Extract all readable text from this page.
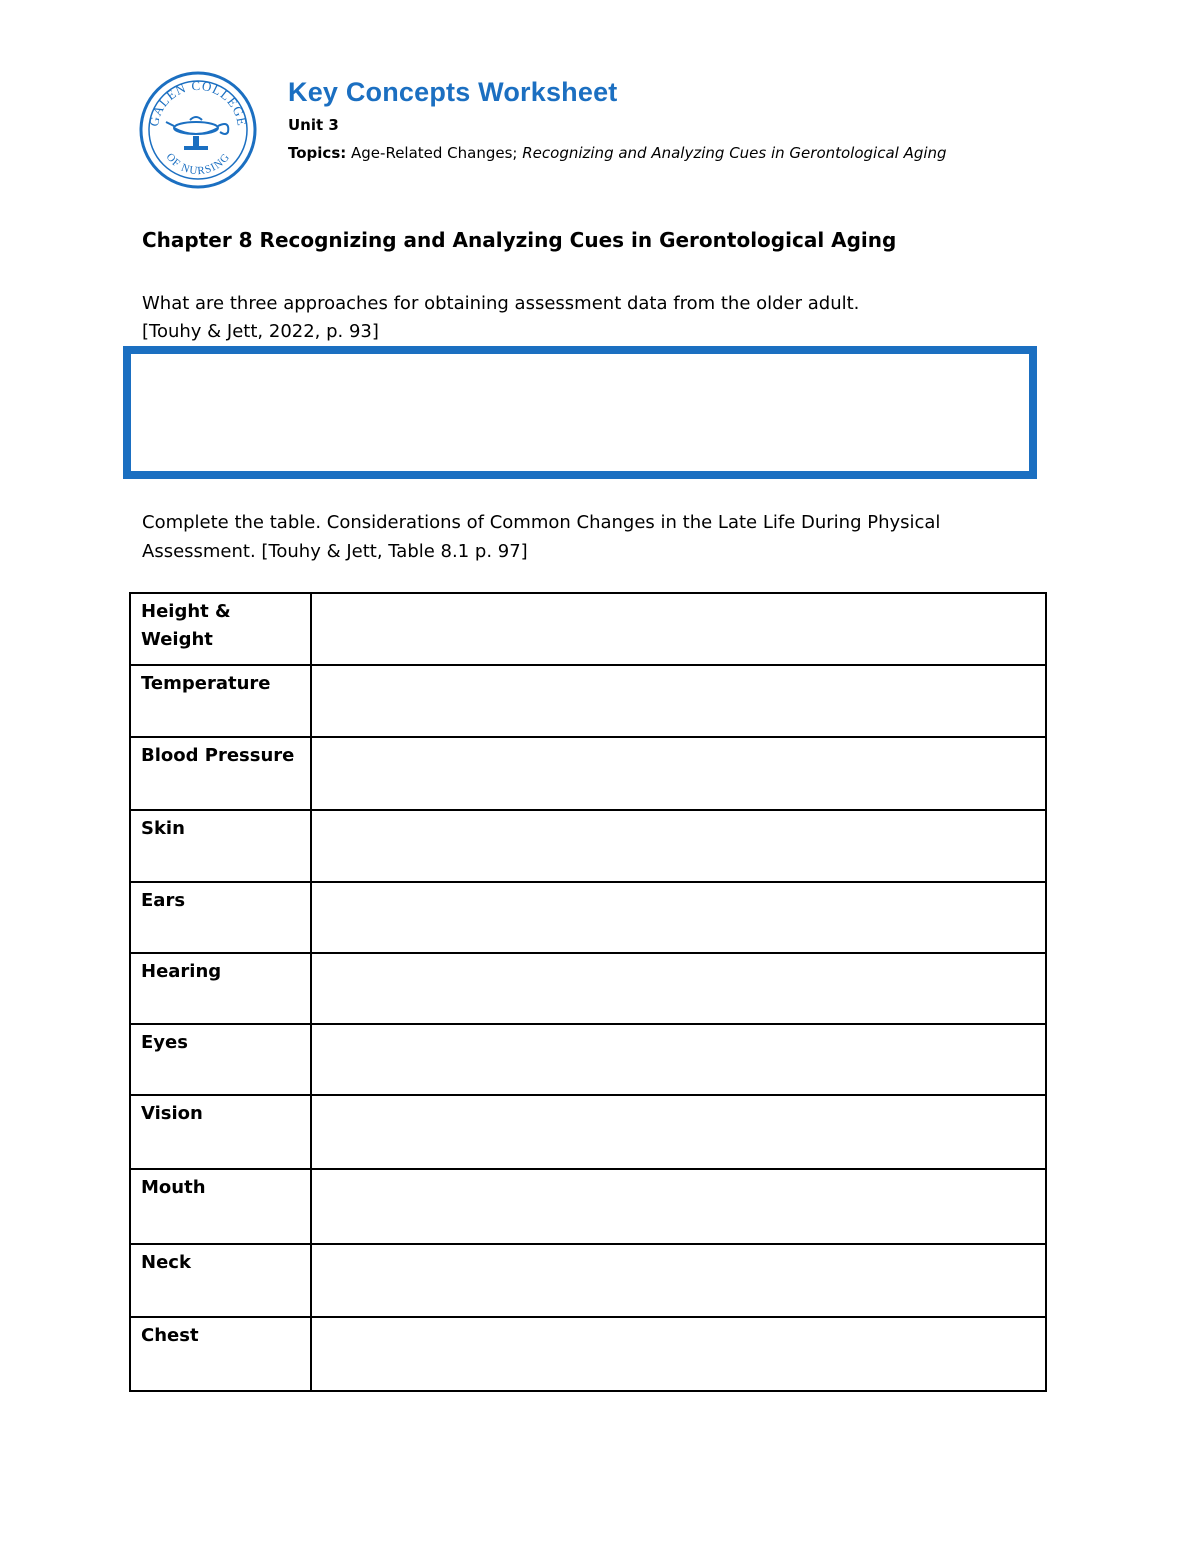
GALEN COLLEGE
OF NURSING
Key Concepts Worksheet
Unit 3
Topics: Age-Related Changes; Recognizing and Analyzing Cues in Gerontological Aging
Chapter 8 Recognizing and Analyzing Cues in Gerontological Aging
What are three approaches for obtaining assessment data from the older adult.
[Touhy & Jett, 2022, p. 93]
Complete the table. Considerations of Common Changes in the Late Life During Physical Assessment. [Touhy & Jett, Table 8.1 p. 97]
Height & Weight	
Temperature	
Blood Pressure	
Skin	
Ears	
Hearing	
Eyes	
Vision	
Mouth	
Neck	
Chest	
